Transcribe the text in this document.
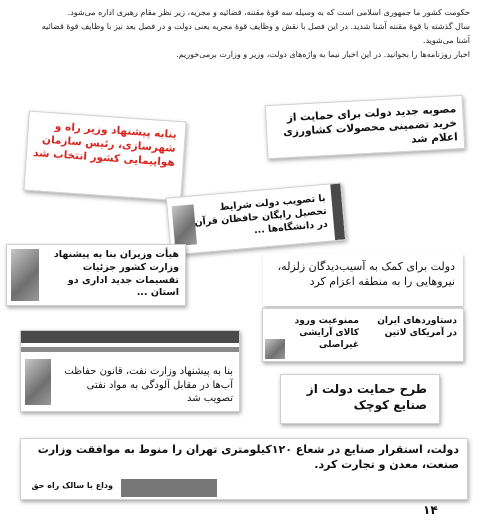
حکومت کشور ما جمهوری اسلامی است که به وسیله سه قوهٔ مقننه، قضائیه و مجریه، زیر نظر مقام رهبری اداره می‌شود.

سال گذشته با قوهٔ مقننه آشنا شدید. در این فصل با نقش و وظایف قوهٔ مجریه یعنی دولت و در فصل بعد نیز با وظایف قوهٔ قضائیه آشنا می‌شوید.

اخبار روزنامه‌ها را بخوانید. در این اخبار نیما به واژه‌های دولت، وزیر و وزارت برمی‌خوریم.

مصوبه جدید دولت برای حمایت از خرید تضمینی محصولات کشاورزی اعلام شد
بنابه پیشنهاد وزیر راه و شهرسازی، رئیس سازمان هواپیمایی کشور انتخاب شد
با تصویب دولت شرایط تحصیل رایگان حافظان قرآن در دانشگاه‌ها ...
هیأت وزیران بنا به پیشنهاد وزارت کشور جزئیات تقسیمات جدید اداری دو استان ...
دولت برای کمک به آسیب‌دیدگان زلزله، نیروهایی را به منطقه اعزام کرد
دستاوردهای ایران در آمریکای لاتین
ممنوعیت ورود کالای آرایشی غیراصلی
بنا به پیشنهاد وزارت نفت، قانون حفاظت آب‌ها در مقابل آلودگی به مواد نفتی تصویب شد
طرح حمایت دولت از صنایع کوچک
دولت، استقرار صنایع در شعاع ۱۲۰کیلومتری تهران را منوط به موافقت وزارت صنعت، معدن و تجارت کرد.
وداع با سالک راه حق
۱۴
